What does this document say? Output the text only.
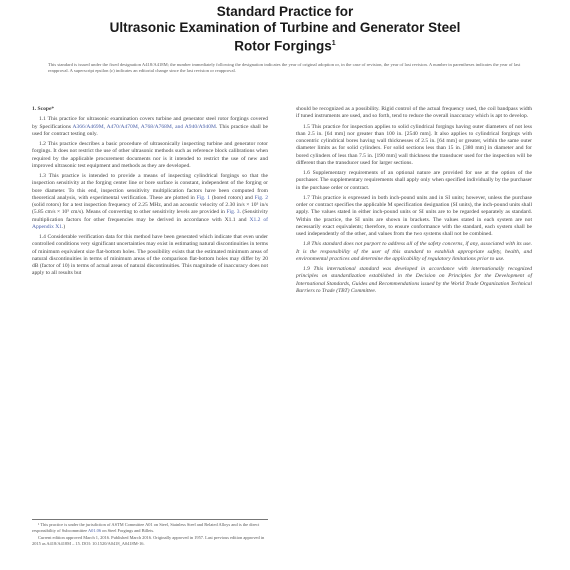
Standard Practice for
Ultrasonic Examination of Turbine and Generator Steel
Rotor Forgings$^1$
This standard is issued under the fixed designation A418/A418M; the number immediately following the designation indicates the year of original adoption or, in the case of revision, the year of last revision. A number in parentheses indicates the year of last reapproval. A superscript epsilon (ε) indicates an editorial change since the last revision or reapproval.
1. Scope*

1.1 This practice for ultrasonic examination covers turbine and generator steel rotor forgings covered by Specifications A366/A469M, A470/A470M, A768/A768M, and A940/A940M. This practice shall be used for contract testing only.

1.2 This practice describes a basic procedure of ultrasonically inspecting turbine and generator rotor forgings. It does not restrict the use of other ultrasonic methods such as reference block calibrations when required by the applicable procurement documents nor is it intended to restrict the use of new and improved ultrasonic test equipment and methods as they are developed.

1.3 This practice is intended to provide a means of inspecting cylindrical forgings so that the inspection sensitivity at the forging center line or bore surface is constant, independent of the forging or bore diameter. To this end, inspection sensitivity multiplication factors have been computed from theoretical analysis, with experimental verification. These are plotted in Fig. 1 (bored rotors) and Fig. 2 (solid rotors) for a test inspection frequency of 2.25 MHz, and an acoustic velocity of 2.30 in/s × 10⁵ in/s (5.85 cm/s × 10⁵ cm/s). Means of converting to other sensitivity levels are provided in Fig. 3. (Sensitivity multiplication factors for other frequencies may be derived in accordance with X1.1 and X1.2 of Appendix X1.)

1.4 Considerable verification data for this method have been generated which indicate that even under controlled conditions very significant uncertainties may exist in estimating natural discontinuities in terms of minimum equivalent size flat-bottom holes. The possibility exists that the estimated minimum areas of natural discontinuities in terms of minimum areas of the comparison flat-bottom holes may differ by 20 dB (factor of 10) in terms of actual areas of natural discontinuities. This magnitude of inaccuracy does not apply to all results but

should be recognized as a possibility. Rigid control of the actual frequency used, the coil bandpass width if tuned instruments are used, and so forth, tend to reduce the overall inaccuracy which is apt to develop.

1.5 This practice for inspection applies to solid cylindrical forgings having outer diameters of not less than 2.5 in. [64 mm] nor greater than 100 in. [2540 mm]. It also applies to cylindrical forgings with concentric cylindrical bores having wall thicknesses of 2.5 in. [64 mm] or greater, within the same outer diameter limits as for solid cylinders. For solid sections less than 15 in. [380 mm] in diameter and for bored cylinders of less than 7.5 in. [190 mm] wall thickness the transducer used for the inspection will be different than the transducer used for larger sections.

1.6 Supplementary requirements of an optional nature are provided for use at the option of the purchaser. The supplementary requirements shall apply only when specified individually by the purchaser in the purchase order or contract.

1.7 This practice is expressed in both inch-pound units and in SI units; however, unless the purchase order or contract specifies the applicable M specification designation (SI units), the inch-pound units shall apply. The values stated in either inch-pound units or SI units are to be regarded separately as standard. Within the practice, the SI units are shown in brackets. The values stated in each system are not necessarily exact equivalents; therefore, to ensure conformance with the standard, each system shall be used independently of the other, and values from the two systems shall not be combined.

1.8 This standard does not purport to address all of the safety concerns, if any, associated with its use. It is the responsibility of the user of this standard to establish appropriate safety, health, and environmental practices and determine the applicability of regulatory limitations prior to use.

1.9 This international standard was developed in accordance with internationally recognized principles on standardization established in the Decision on Principles for the Development of International Standards, Guides and Recommendations issued by the World Trade Organization Technical Barriers to Trade (TBT) Committee.

¹ This practice is under the jurisdiction of ASTM Committee A01 on Steel, Stainless Steel and Related Alloys and is the direct responsibility of Subcommittee A01.06 on Steel Forgings and Billets.

Current edition approved March 1, 2016. Published March 2016. Originally approved in 1957. Last previous edition approved in 2015 as A418/A418M – 15. DOI: 10.1520/A0418_A0418M-16.
